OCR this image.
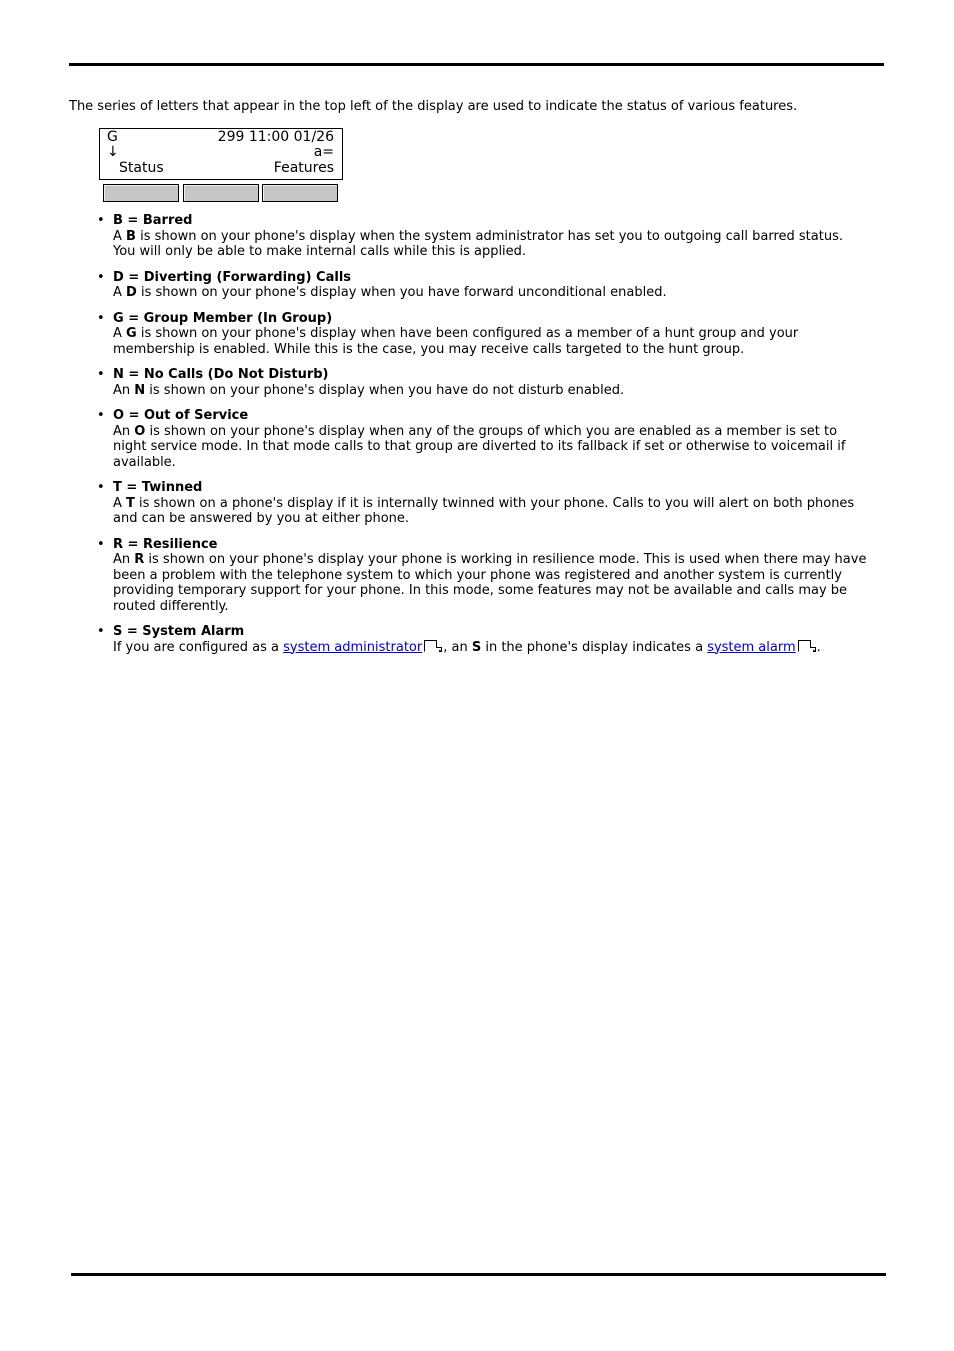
The series of letters that appear in the top left of the display are used to indicate the status of various features.
G	299 11:00 01/26
↓	a=
Status	Features
• B = Barred
A B is shown on your phone's display when the system administrator has set you to outgoing call barred status. You will only be able to make internal calls while this is applied.
• D = Diverting (Forwarding) Calls
A D is shown on your phone's display when you have forward unconditional enabled.
• G = Group Member (In Group)
A G is shown on your phone's display when have been configured as a member of a hunt group and your membership is enabled. While this is the case, you may receive calls targeted to the hunt group.
• N = No Calls (Do Not Disturb)
An N is shown on your phone's display when you have do not disturb enabled.
• O = Out of Service
An O is shown on your phone's display when any of the groups of which you are enabled as a member is set to night service mode. In that mode calls to that group are diverted to its fallback if set or otherwise to voicemail if available.
• T = Twinned
A T is shown on a phone's display if it is internally twinned with your phone. Calls to you will alert on both phones and can be answered by you at either phone.
• R = Resilience
An R is shown on your phone's display your phone is working in resilience mode. This is used when there may have been a problem with the telephone system to which your phone was registered and another system is currently providing temporary support for your phone. In this mode, some features may not be available and calls may be routed differently.
• S = System Alarm
If you are configured as a system administrator , an S in the phone's display indicates a system alarm .
